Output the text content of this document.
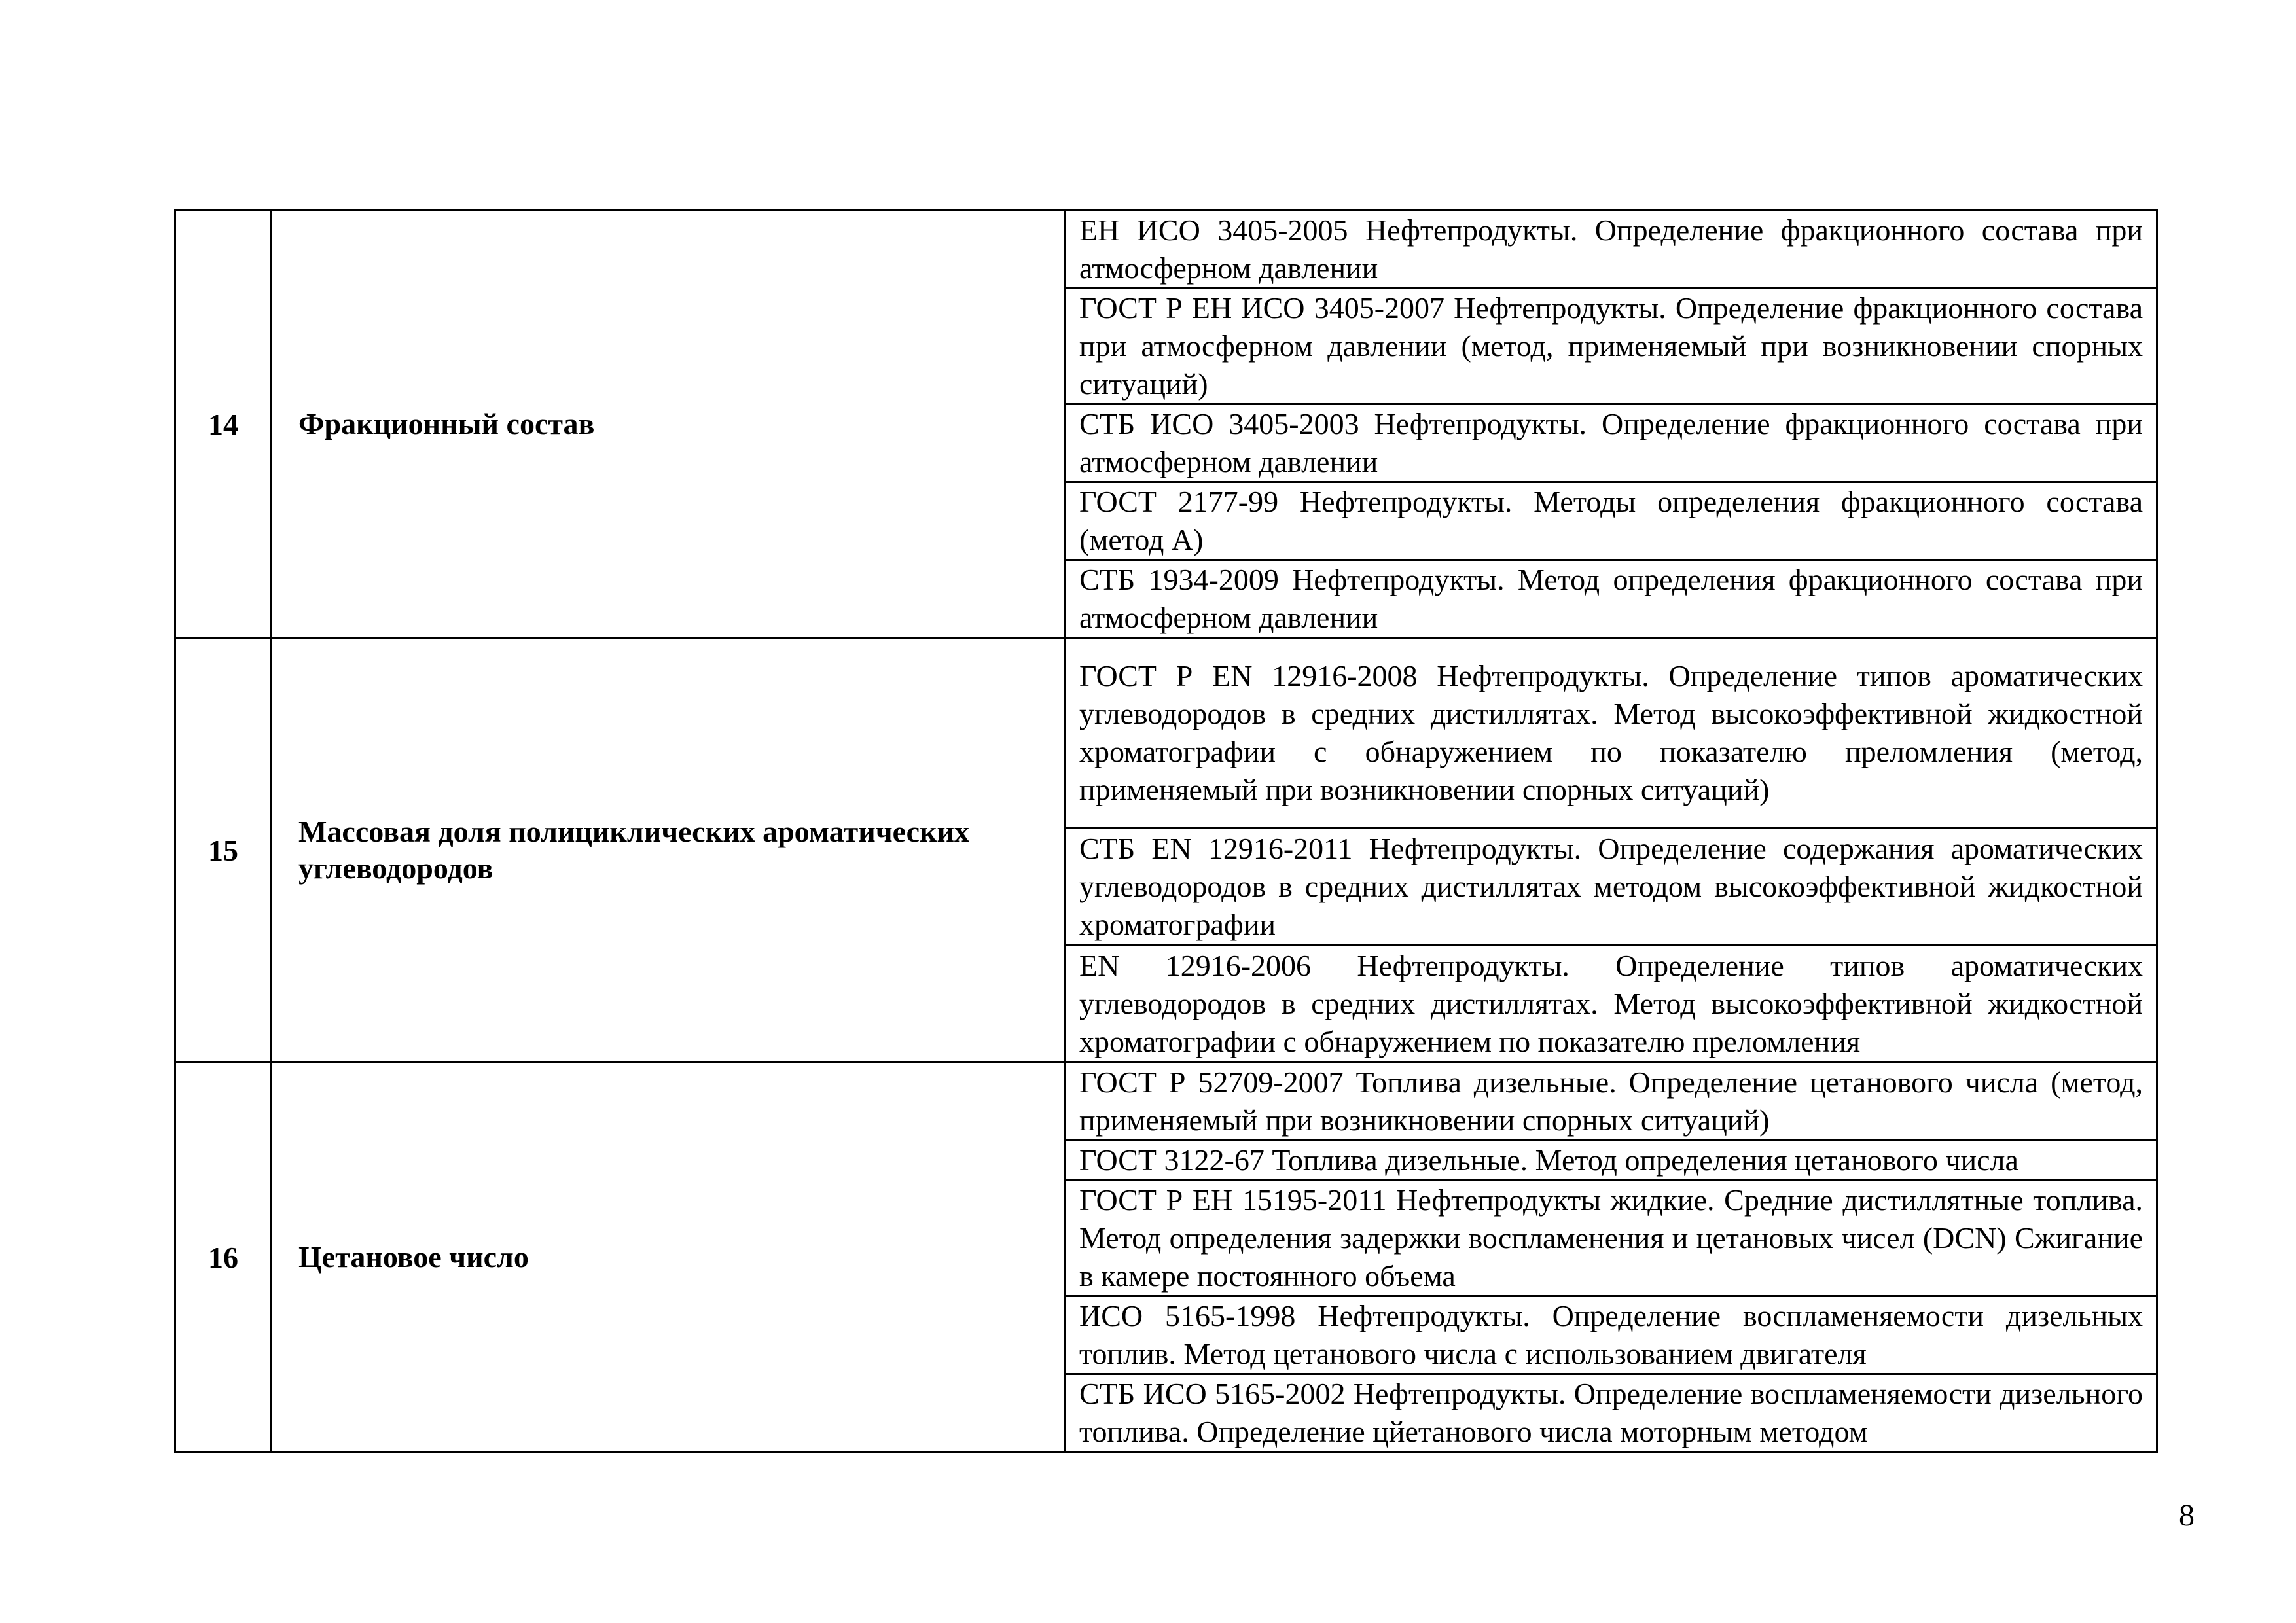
14	Фракционный состав	ЕН ИСО 3405-2005 Нефтепродукты. Определение фракционного состава при атмосферном давлении
		ГОСТ Р ЕН ИСО 3405-2007 Нефтепродукты. Определение фракционного состава при атмосферном давлении (метод, применяемый при возникновении спорных ситуаций)
		СТБ ИСО 3405-2003 Нефтепродукты. Определение фракционного состава при атмосферном давлении
		ГОСТ 2177-99 Нефтепродукты. Методы определения фракционного состава (метод А)
		СТБ 1934-2009 Нефтепродукты. Метод определения фракционного состава при атмосферном давлении
15	Массовая доля полициклических ароматических углеводородов	ГОСТ Р EN 12916-2008 Нефтепродукты. Определение типов ароматических углеводородов в средних дистиллятах. Метод высокоэффективной жидкостной хроматографии с обнаружением по показателю преломления (метод, применяемый при возникновении спорных ситуаций)
		СТБ EN 12916-2011 Нефтепродукты. Определение содержания ароматических углеводородов в средних дистиллятах методом высокоэффективной жидкостной хроматографии
		EN 12916-2006 Нефтепродукты. Определение типов ароматических углеводородов в средних дистиллятах. Метод высокоэффективной жидкостной хроматографии с обнаружением по показателю преломления
16	Цетановое число	ГОСТ Р 52709-2007 Топлива дизельные. Определение цетанового числа (метод, применяемый при возникновении спорных ситуаций)
		ГОСТ 3122-67 Топлива дизельные. Метод определения цетанового числа
		ГОСТ Р ЕН 15195-2011 Нефтепродукты жидкие. Средние дистиллятные топлива. Метод определения задержки воспламенения и цетановых чисел (DCN) Сжигание в камере постоянного объема
		ИСО 5165-1998 Нефтепродукты. Определение воспламеняемости дизельных топлив. Метод цетанового числа с использованием двигателя
		СТБ ИСО 5165-2002 Нефтепродукты. Определение воспламеняемости дизельного топлива. Определение цйетанового числа моторным методом
8
